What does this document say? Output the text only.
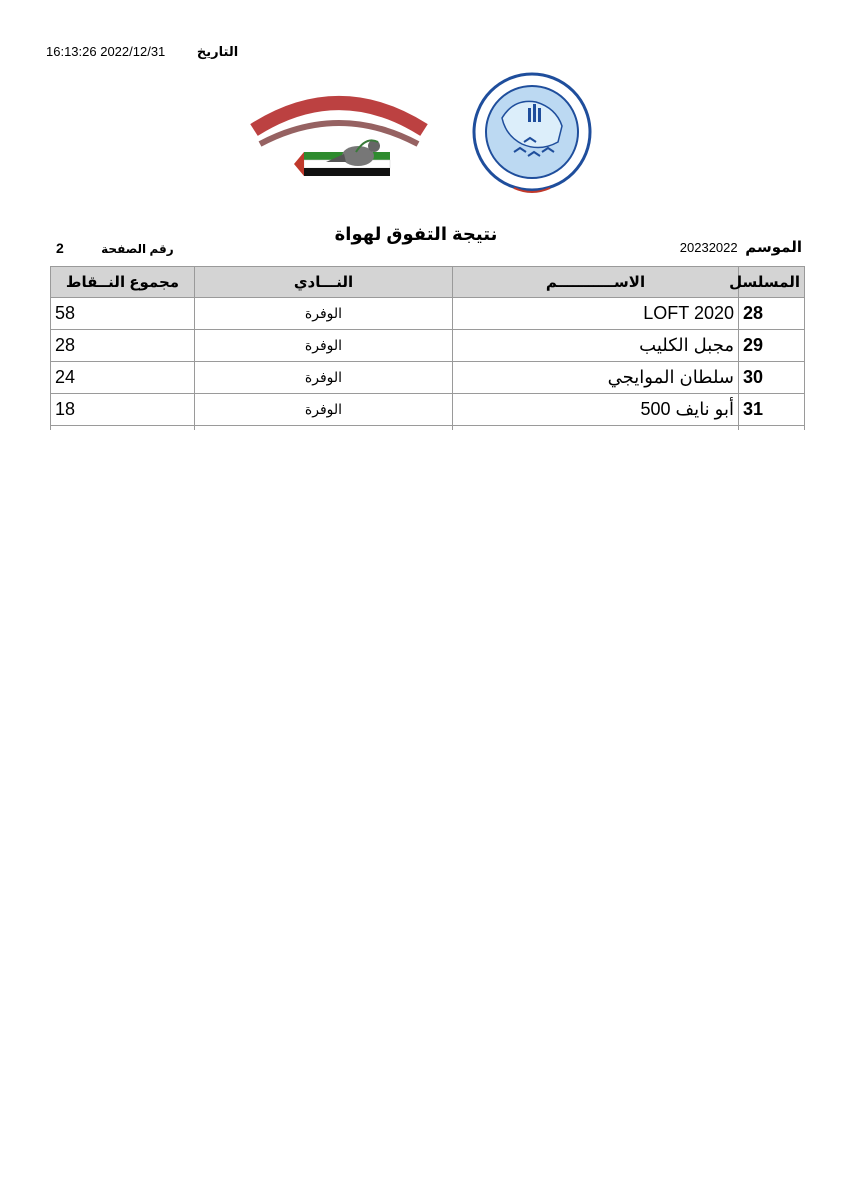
16:13:26 2022/12/31 التاريخ
نتيجة التفوق لهواة
الموسم 20232022
2	رقم الصفحة
المسلسل	الاســـــــــــم	النـــادي	مجموع النــقاط
28	LOFT 2020	الوفرة	58
29	مجبل الكليب	الوفرة	28
30	سلطان الموايجي	الوفرة	24
31	أبو نايف 500	الوفرة	18
